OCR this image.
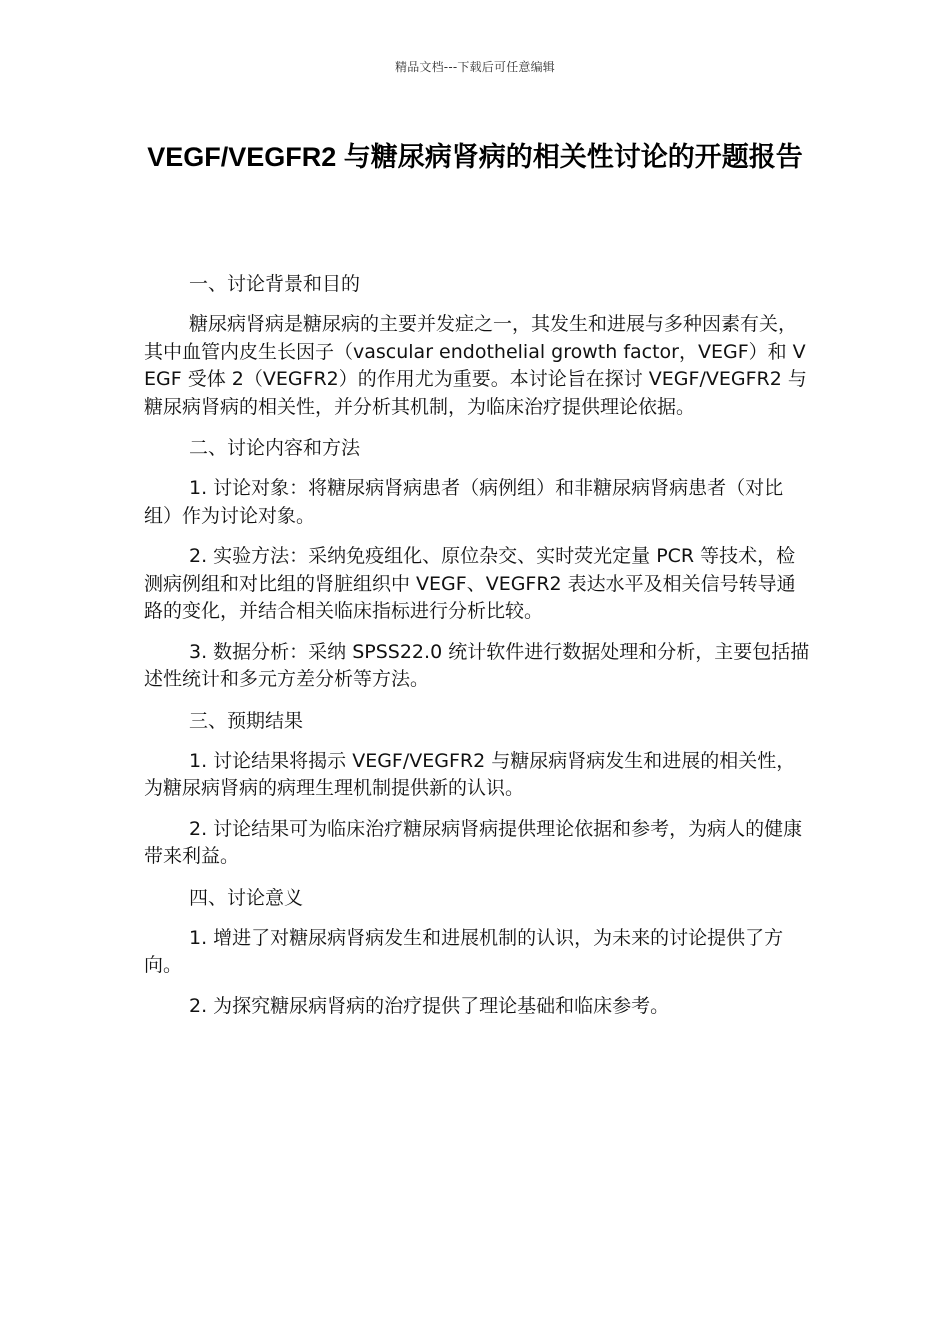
精品文档---下载后可任意编辑
VEGF/VEGFR2 与糖尿病肾病的相关性讨论的开题报告

一、讨论背景和目的

糖尿病肾病是糖尿病的主要并发症之一，其发生和进展与多种因素有关，其中血管内皮生长因子（vascular endothelial growth factor，VEGF）和 VEGF 受体 2（VEGFR2）的作用尤为重要。本讨论旨在探讨 VEGF/VEGFR2 与糖尿病肾病的相关性，并分析其机制，为临床治疗提供理论依据。

二、讨论内容和方法

1. 讨论对象：将糖尿病肾病患者（病例组）和非糖尿病肾病患者（对比组）作为讨论对象。

2. 实验方法：采纳免疫组化、原位杂交、实时荧光定量 PCR 等技术，检测病例组和对比组的肾脏组织中 VEGF、VEGFR2 表达水平及相关信号转导通路的变化，并结合相关临床指标进行分析比较。

3. 数据分析：采纳 SPSS22.0 统计软件进行数据处理和分析，主要包括描述性统计和多元方差分析等方法。

三、预期结果

1. 讨论结果将揭示 VEGF/VEGFR2 与糖尿病肾病发生和进展的相关性，为糖尿病肾病的病理生理机制提供新的认识。

2. 讨论结果可为临床治疗糖尿病肾病提供理论依据和参考，为病人的健康带来利益。

四、讨论意义

1. 增进了对糖尿病肾病发生和进展机制的认识，为未来的讨论提供了方向。

2. 为探究糖尿病肾病的治疗提供了理论基础和临床参考。
